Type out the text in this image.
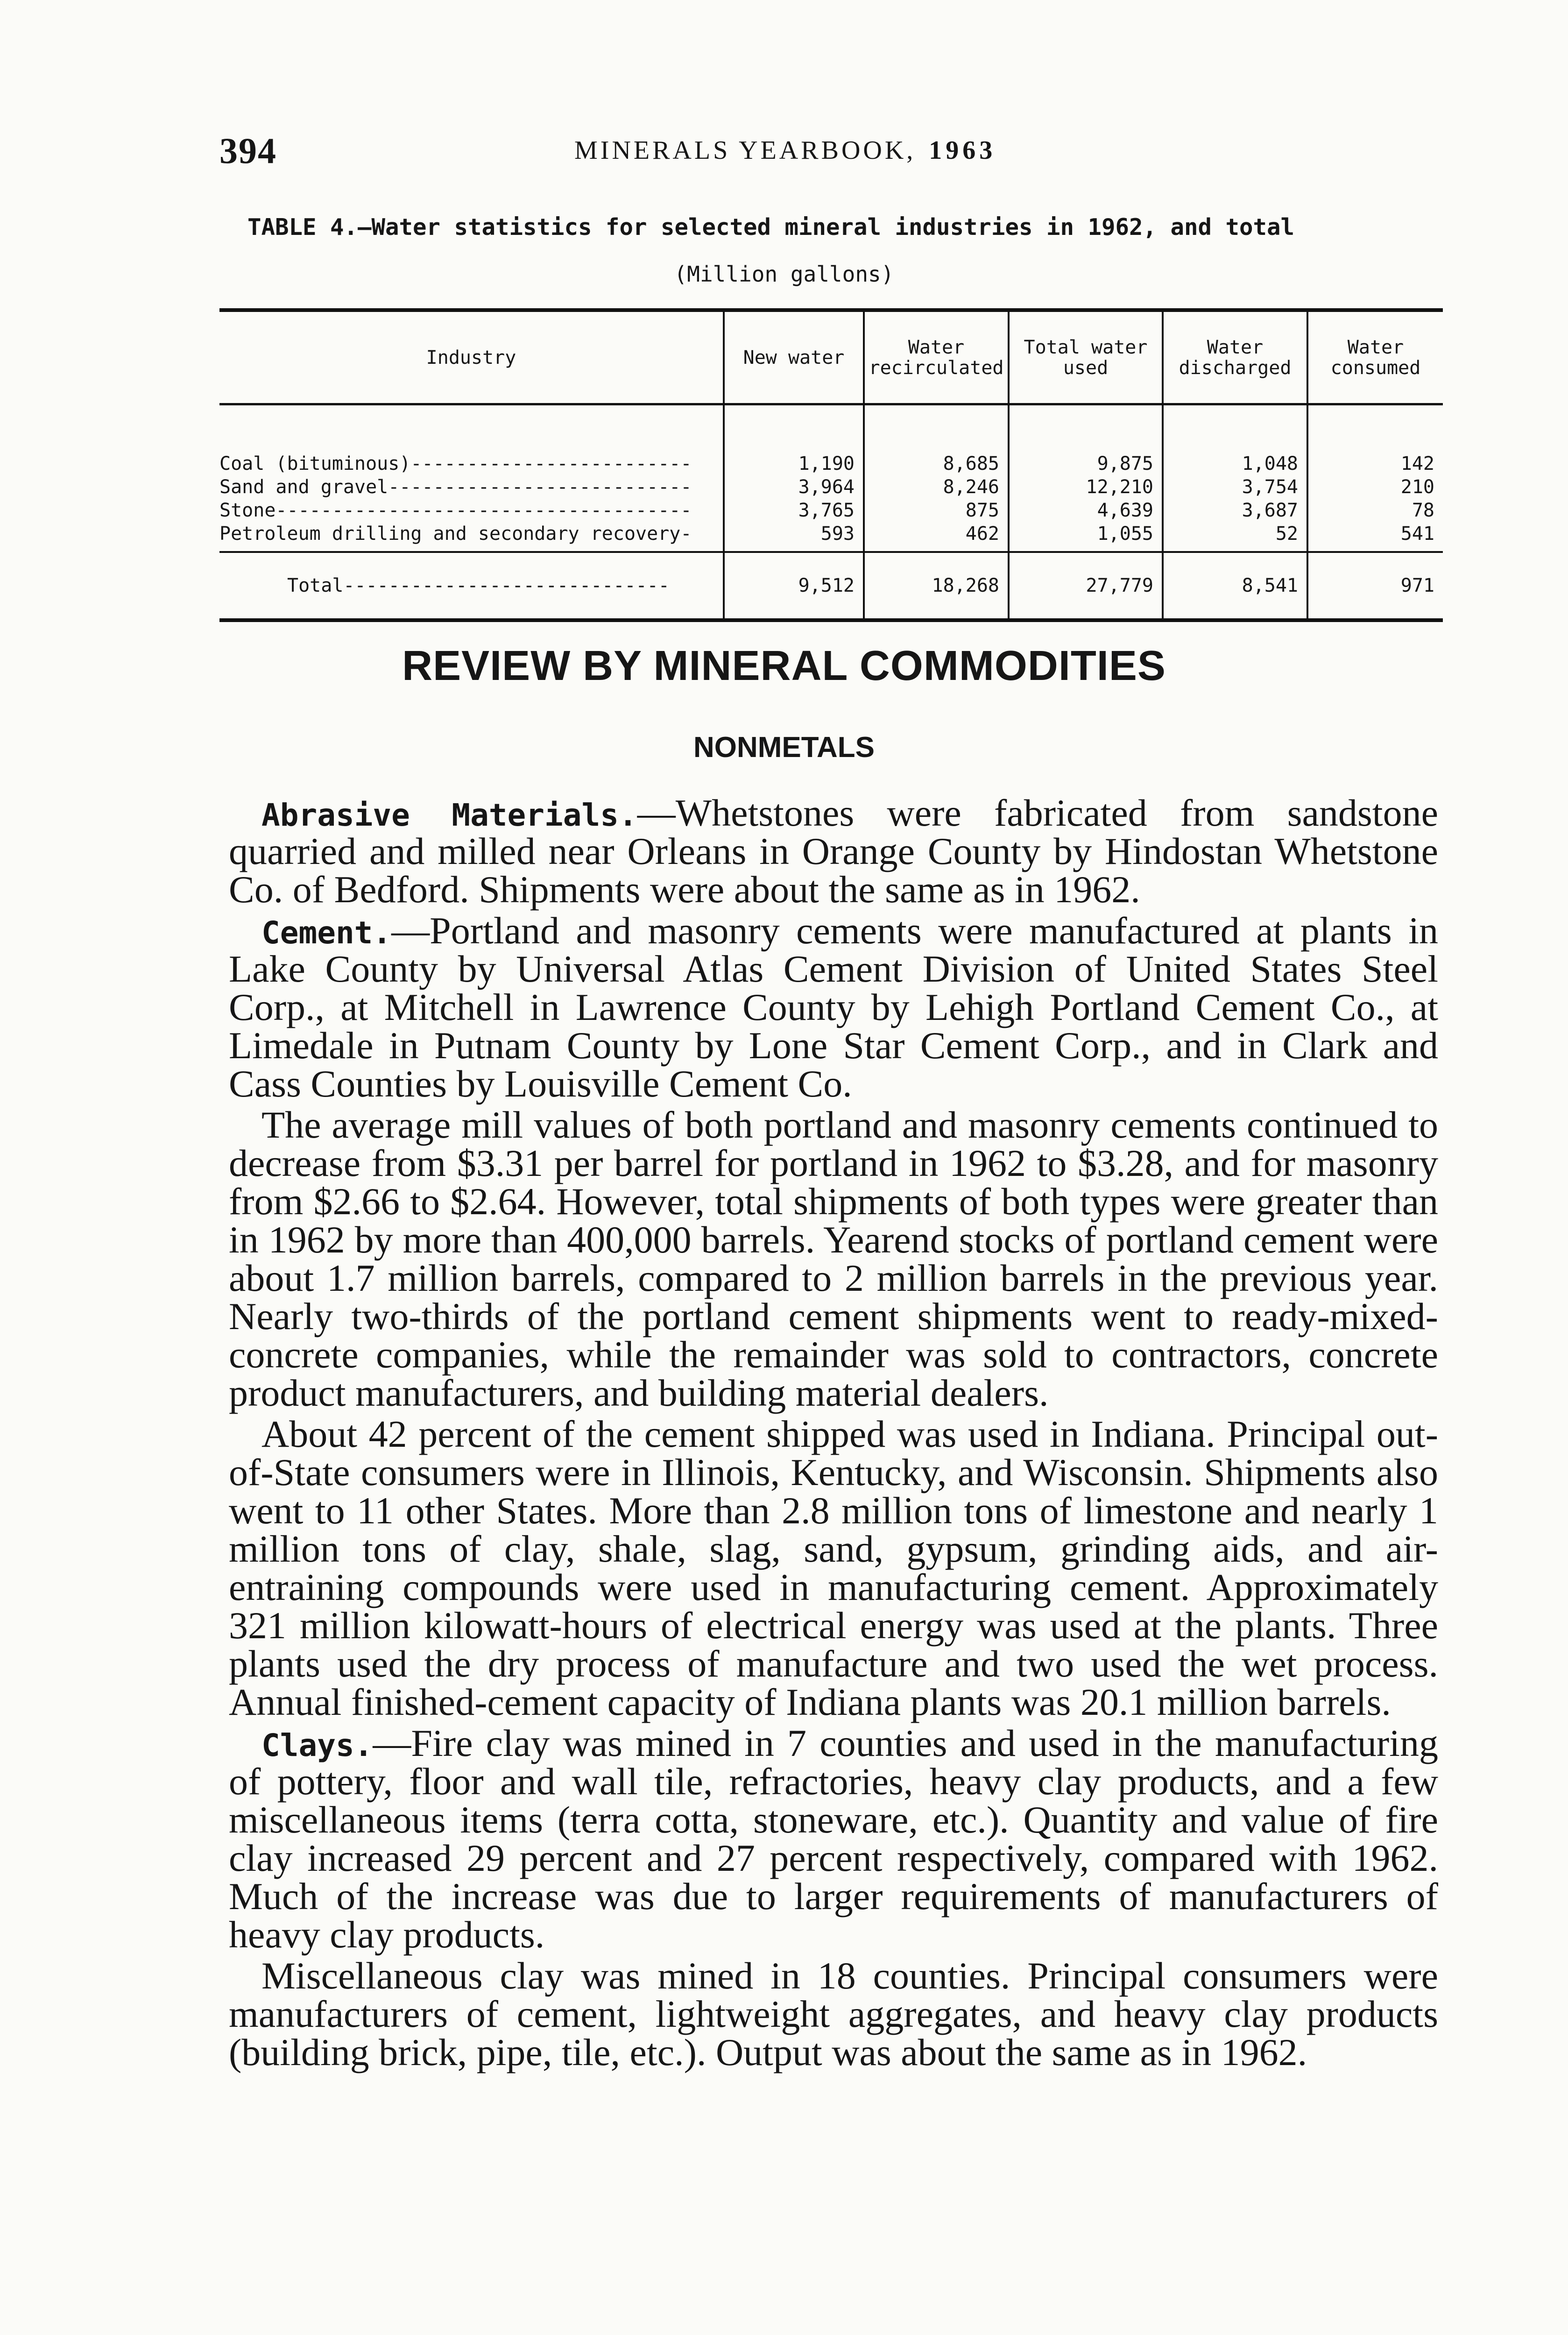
394	MINERALS YEARBOOK, 1963
TABLE 4.—Water statistics for selected mineral industries in 1962, and total
(Million gallons)
Industry	New water	Water recirculated	Total water used	Water discharged	Water consumed
Coal (bituminous)-------------------------	1,190	8,685	9,875	1,048	142
Sand and gravel---------------------------	3,964	8,246	12,210	3,754	210
Stone-------------------------------------	3,765	875	4,639	3,687	78
Petroleum drilling and secondary recovery-	593	462	1,055	52	541
Total-----------------------------	9,512	18,268	27,779	8,541	971
REVIEW BY MINERAL COMMODITIES
NONMETALS

Abrasive Materials.—Whetstones were fabricated from sandstone quarried and milled near Orleans in Orange County by Hindostan Whetstone Co. of Bedford. Shipments were about the same as in 1962.

Cement.—Portland and masonry cements were manufactured at plants in Lake County by Universal Atlas Cement Division of United States Steel Corp., at Mitchell in Lawrence County by Lehigh Portland Cement Co., at Limedale in Putnam County by Lone Star Cement Corp., and in Clark and Cass Counties by Louisville Cement Co.

The average mill values of both portland and masonry cements continued to decrease from $3.31 per barrel for portland in 1962 to $3.28, and for masonry from $2.66 to $2.64. However, total shipments of both types were greater than in 1962 by more than 400,000 barrels. Yearend stocks of portland cement were about 1.7 million barrels, compared to 2 million barrels in the previous year. Nearly two-thirds of the portland cement shipments went to ready-mixed-concrete companies, while the remainder was sold to contractors, concrete product manufacturers, and building material dealers.

About 42 percent of the cement shipped was used in Indiana. Principal out-of-State consumers were in Illinois, Kentucky, and Wisconsin. Shipments also went to 11 other States. More than 2.8 million tons of limestone and nearly 1 million tons of clay, shale, slag, sand, gypsum, grinding aids, and air-entraining compounds were used in manufacturing cement. Approximately 321 million kilowatt-hours of electrical energy was used at the plants. Three plants used the dry process of manufacture and two used the wet process. Annual finished-cement capacity of Indiana plants was 20.1 million barrels.

Clays.—Fire clay was mined in 7 counties and used in the manufacturing of pottery, floor and wall tile, refractories, heavy clay products, and a few miscellaneous items (terra cotta, stoneware, etc.). Quantity and value of fire clay increased 29 percent and 27 percent respectively, compared with 1962. Much of the increase was due to larger requirements of manufacturers of heavy clay products.

Miscellaneous clay was mined in 18 counties. Principal consumers were manufacturers of cement, lightweight aggregates, and heavy clay products (building brick, pipe, tile, etc.). Output was about the same as in 1962.
